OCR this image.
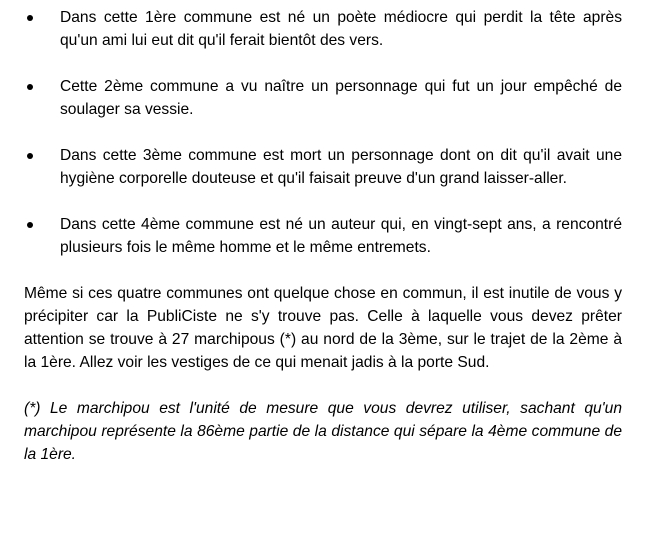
Dans cette 1ère commune est né un poète médiocre qui perdit la tête après qu'un ami lui eut dit qu'il ferait bientôt des vers.
Cette 2ème commune a vu naître un personnage qui fut un jour empêché de soulager sa vessie.
Dans cette 3ème commune est mort un personnage dont on dit qu'il avait une hygiène corporelle douteuse et qu'il faisait preuve d'un grand laisser-aller.
Dans cette 4ème commune est né un auteur qui, en vingt-sept ans, a rencontré plusieurs fois le même homme et le même entremets.

Même si ces quatre communes ont quelque chose en commun, il est inutile de vous y précipiter car la PubliCiste ne s'y trouve pas. Celle à laquelle vous devez prêter attention se trouve à 27 marchipous (*) au nord de la 3ème, sur le trajet de la 2ème à la 1ère. Allez voir les vestiges de ce qui menait jadis à la porte Sud.

(*) Le marchipou est l'unité de mesure que vous devrez utiliser, sachant qu'un marchipou représente la 86ème partie de la distance qui sépare la 4ème commune de la 1ère.
